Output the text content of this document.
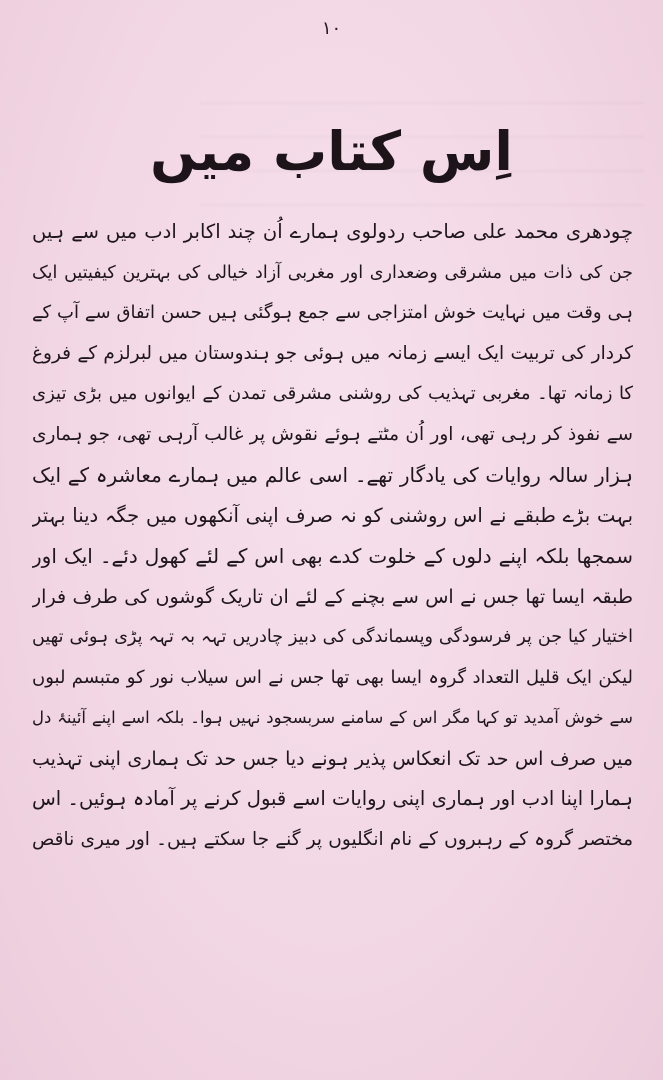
۱۰
اِس کتاب میں
چودھری محمد علی صاحب ردولوی ہمارے اُن چند اکابر ادب میں سے ہیں
جن کی ذات میں مشرقی وضعداری اور مغربی آزاد خیالی کی بہترین کیفیتیں ایک
ہی وقت میں نہایت خوش امتزاجی سے جمع ہوگئی ہیں حسن اتفاق سے آپ کے
کردار کی تربیت ایک ایسے زمانہ میں ہوئی جو ہندوستان میں لبرلزم کے فروغ
کا زمانہ تھا۔ مغربی تہذیب کی روشنی مشرقی تمدن کے ایوانوں میں بڑی تیزی
سے نفوذ کر رہی تھی، اور اُن مٹتے ہوئے نقوش پر غالب آرہی تھی، جو ہماری
ہزار سالہ روایات کی یادگار تھے۔ اسی عالم میں ہمارے معاشرہ کے ایک
بہت بڑے طبقے نے اس روشنی کو نہ صرف اپنی آنکھوں میں جگہ دینا بہتر
سمجھا بلکہ اپنے دلوں کے خلوت کدے بھی اس کے لئے کھول دئے۔ ایک اور
طبقہ ایسا تھا جس نے اس سے بچنے کے لئے ان تاریک گوشوں کی طرف فرار
اختیار کیا جن پر فرسودگی وپسماندگی کی دبیز چادریں تہہ بہ تہہ پڑی ہوئی تھیں
لیکن ایک قلیل التعداد گروہ ایسا بھی تھا جس نے اس سیلاب نور کو متبسم لبوں
سے خوش آمدید تو کہا مگر اس کے سامنے سربسجود نہیں ہوا۔ بلکہ اسے اپنے آئینۂ دل
میں صرف اس حد تک انعکاس پذیر ہونے دیا جس حد تک ہماری اپنی تہذیب
ہمارا اپنا ادب اور ہماری اپنی روایات اسے قبول کرنے پر آمادہ ہوئیں۔ اس
مختصر گروہ کے رہبروں کے نام انگلیوں پر گنے جا سکتے ہیں۔ اور میری ناقص
